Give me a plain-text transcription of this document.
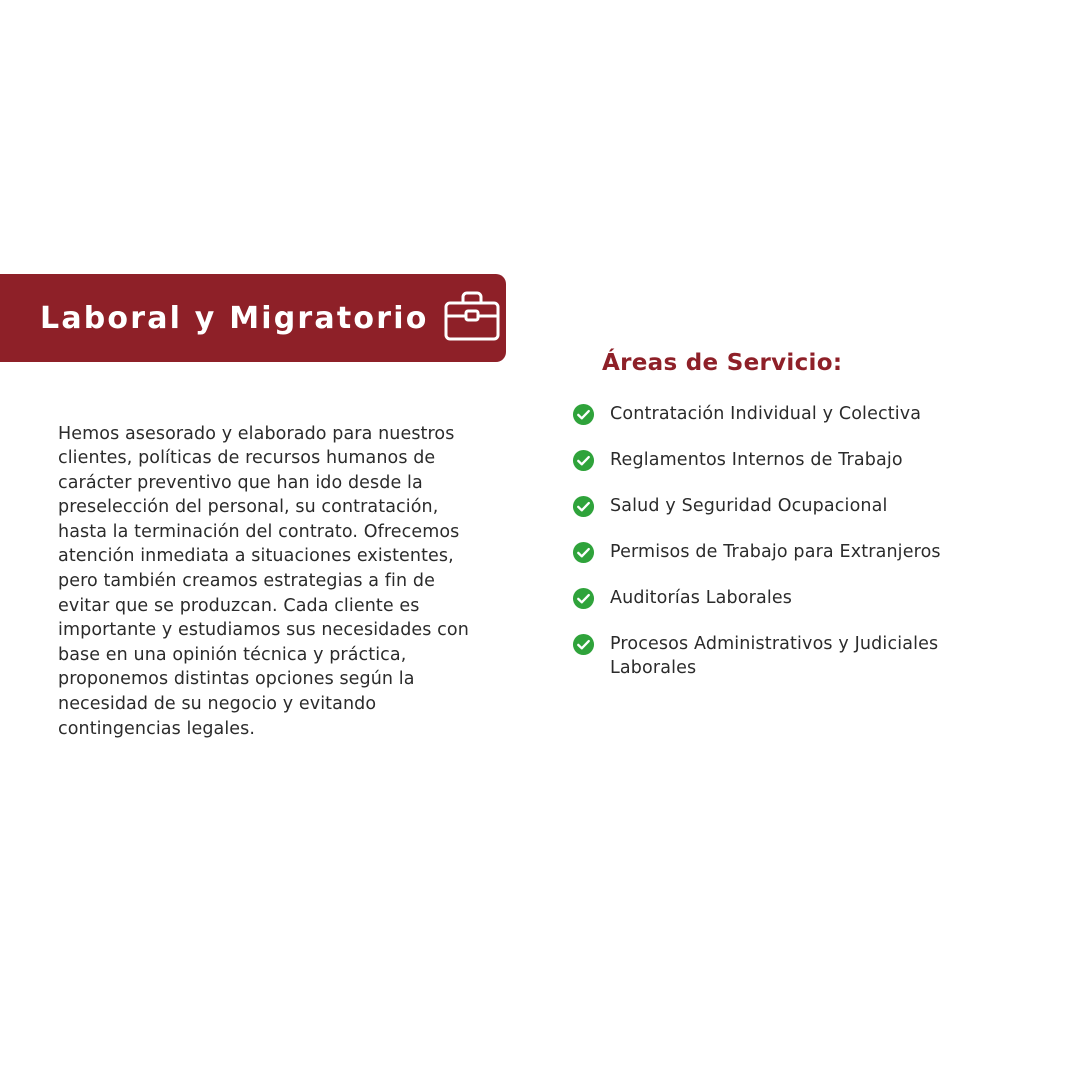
Laboral y Migratorio

Hemos asesorado y elaborado para nuestros clientes, políticas de recursos humanos de carácter preventivo que han ido desde la preselección del personal, su contratación, hasta la terminación del contrato. Ofrecemos atención inmediata a situaciones existentes, pero también creamos estrategias a fin de evitar que se produzcan. Cada cliente es importante y estudiamos sus necesidades con base en una opinión técnica y práctica, proponemos distintas opciones según la necesidad de su negocio y evitando contingencias legales.

Áreas de Servicio:
Contratación Individual y Colectiva
Reglamentos Internos de Trabajo
Salud y Seguridad Ocupacional
Permisos de Trabajo para Extranjeros
Auditorías Laborales
Procesos Administrativos y Judiciales Laborales
